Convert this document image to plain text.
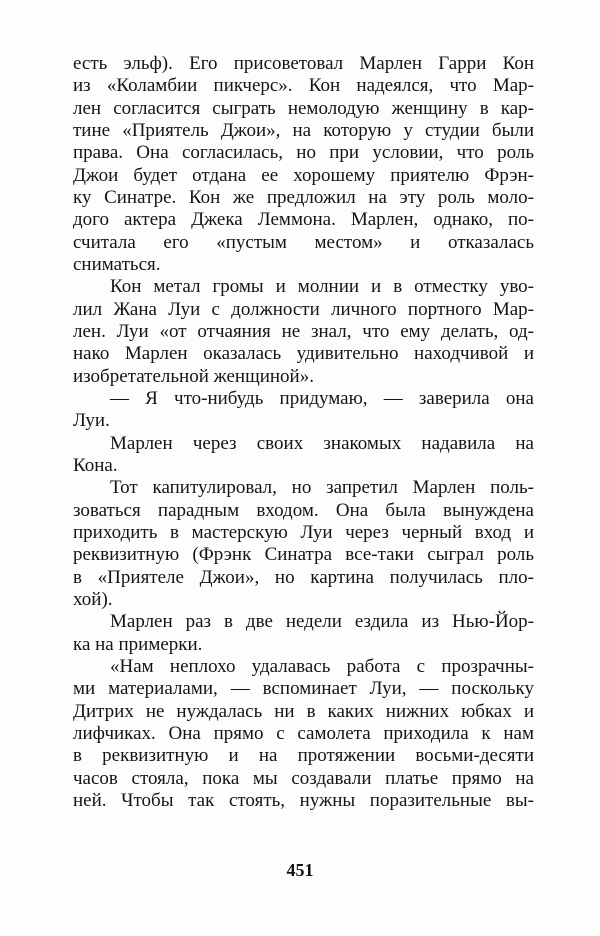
есть эльф). Его присоветовал Марлен Гарри Кон
из «Коламбии пикчерс». Кон надеялся, что Мар-
лен согласится сыграть немолодую женщину в кар-
тине «Приятель Джои», на которую у студии были
права. Она согласилась, но при условии, что роль
Джои будет отдана ее хорошему приятелю Фрэн-
ку Синатре. Кон же предложил на эту роль моло-
дого актера Джека Леммона. Марлен, однако, по-
считала его «пустым местом» и отказалась
сниматься.
Кон метал громы и молнии и в отместку уво-
лил Жана Луи с должности личного портного Мар-
лен. Луи «от отчаяния не знал, что ему делать, од-
нако Марлен оказалась удивительно находчивой и
изобретательной женщиной».
— Я что-нибудь придумаю, — заверила она
Луи.
Марлен через своих знакомых надавила на
Кона.
Тот капитулировал, но запретил Марлен поль-
зоваться парадным входом. Она была вынуждена
приходить в мастерскую Луи через черный вход и
реквизитную (Фрэнк Синатра все-таки сыграл роль
в «Приятеле Джои», но картина получилась пло-
хой).
Марлен раз в две недели ездила из Нью-Йор-
ка на примерки.
«Нам неплохо удалавась работа с прозрачны-
ми материалами, — вспоминает Луи, — поскольку
Дитрих не нуждалась ни в каких нижних юбках и
лифчиках. Она прямо с самолета приходила к нам
в реквизитную и на протяжении восьми-десяти
часов стояла, пока мы создавали платье прямо на
ней. Чтобы так стоять, нужны поразительные вы-
451
